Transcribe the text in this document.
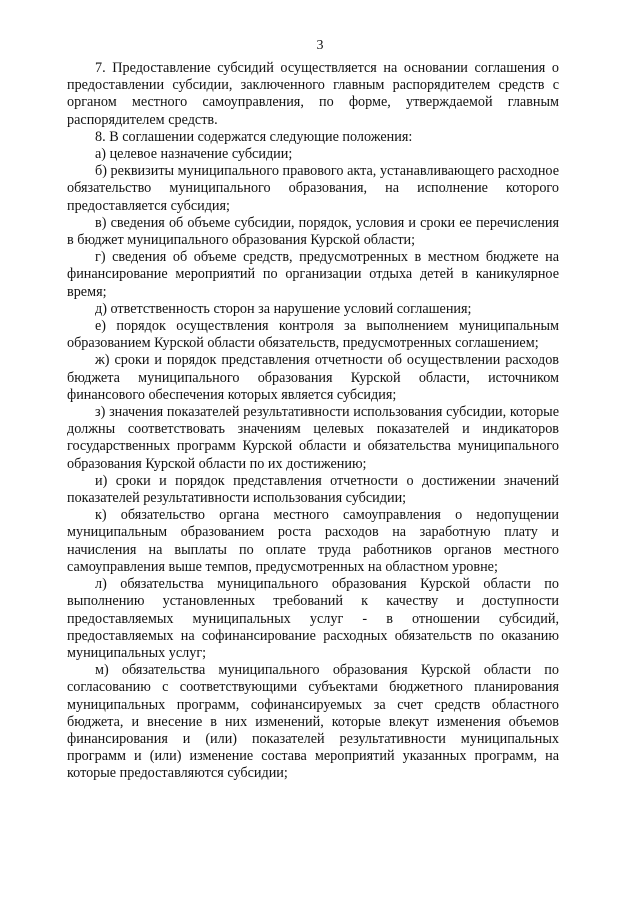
3

7. Предоставление субсидий осуществляется на основании соглашения о предоставлении субсидии, заключенного главным распорядителем средств с органом местного самоуправления, по форме, утверждаемой главным распорядителем средств.

8. В соглашении содержатся следующие положения:

а) целевое назначение субсидии;

б) реквизиты муниципального правового акта, устанавливающего расходное обязательство муниципального образования, на исполнение которого предоставляется субсидия;

в) сведения об объеме субсидии, порядок, условия и сроки ее перечисления в бюджет муниципального образования Курской области;

г) сведения об объеме средств, предусмотренных в местном бюджете на финансирование мероприятий по организации отдыха детей в каникулярное время;

д) ответственность сторон за нарушение условий соглашения;

е) порядок осуществления контроля за выполнением муниципальным образованием Курской области обязательств, предусмотренных соглашением;

ж) сроки и порядок представления отчетности об осуществлении расходов бюджета муниципального образования Курской области, источником финансового обеспечения которых является субсидия;

з) значения показателей результативности использования субсидии, которые должны соответствовать значениям целевых показателей и индикаторов государственных программ Курской области и обязательства муниципального образования Курской области по их достижению;

и) сроки и порядок представления отчетности о достижении значений показателей результативности использования субсидии;

к) обязательство органа местного самоуправления о недопущении муниципальным образованием роста расходов на заработную плату и начисления на выплаты по оплате труда работников органов местного самоуправления выше темпов, предусмотренных на областном уровне;

л) обязательства муниципального образования Курской области по выполнению установленных требований к качеству и доступности предоставляемых муниципальных услуг - в отношении субсидий, предоставляемых на софинансирование расходных обязательств по оказанию муниципальных услуг;

м) обязательства муниципального образования Курской области по согласованию с соответствующими субъектами бюджетного планирования муниципальных программ, софинансируемых за счет средств областного бюджета, и внесение в них изменений, которые влекут изменения объемов финансирования и (или) показателей результативности муниципальных программ и (или) изменение состава мероприятий указанных программ, на которые предоставляются субсидии;
